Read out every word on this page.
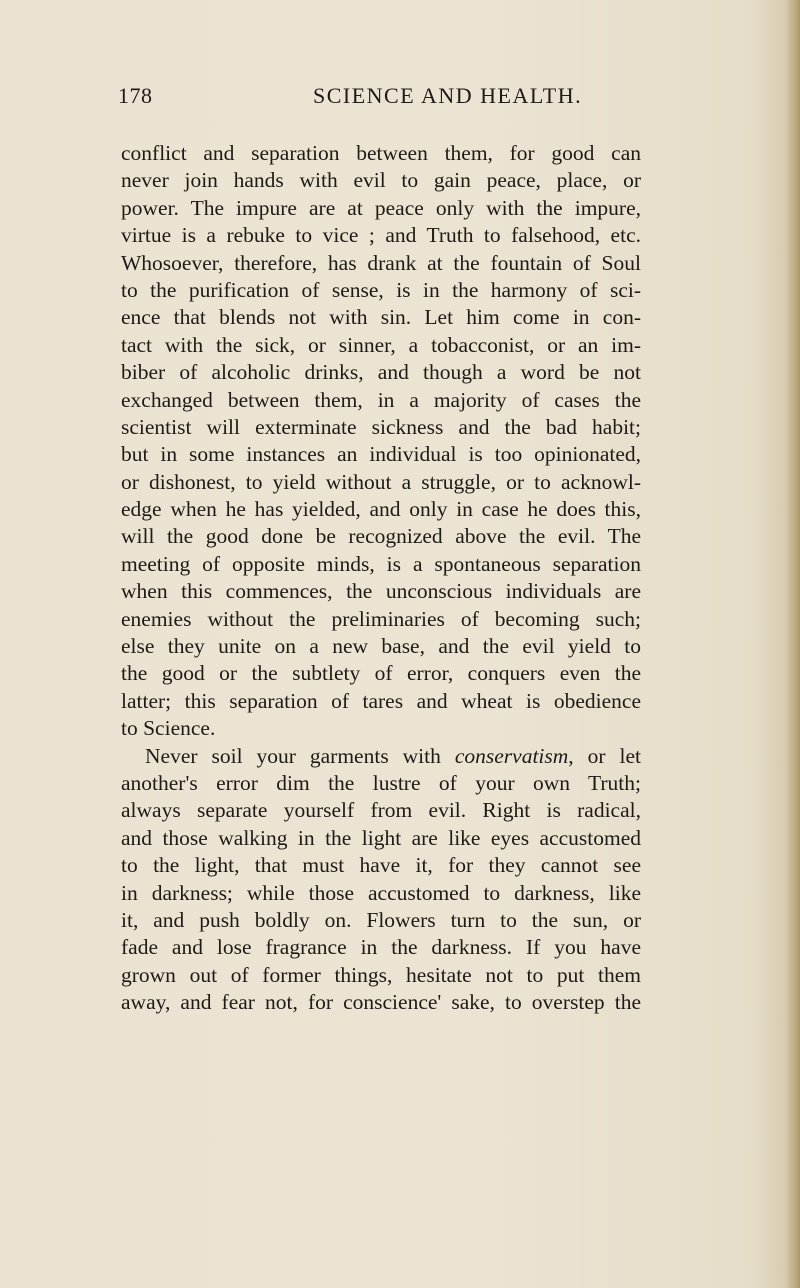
178	SCIENCE AND HEALTH.
conflict and separation between them, for good can
never join hands with evil to gain peace, place, or
power. The impure are at peace only with the impure,
virtue is a rebuke to vice ; and Truth to falsehood, etc.
Whosoever, therefore, has drank at the fountain of Soul
to the purification of sense, is in the harmony of sci-
ence that blends not with sin. Let him come in con-
tact with the sick, or sinner, a tobacconist, or an im-
biber of alcoholic drinks, and though a word be not
exchanged between them, in a majority of cases the
scientist will exterminate sickness and the bad habit;
but in some instances an individual is too opinionated,
or dishonest, to yield without a struggle, or to acknowl-
edge when he has yielded, and only in case he does this,
will the good done be recognized above the evil. The
meeting of opposite minds, is a spontaneous separation
when this commences, the unconscious individuals are
enemies without the preliminaries of becoming such;
else they unite on a new base, and the evil yield to
the good or the subtlety of error, conquers even the
latter; this separation of tares and wheat is obedience
to Science.
Never soil your garments with conservatism, or let
another's error dim the lustre of your own Truth;
always separate yourself from evil. Right is radical,
and those walking in the light are like eyes accustomed
to the light, that must have it, for they cannot see
in darkness; while those accustomed to darkness, like
it, and push boldly on. Flowers turn to the sun, or
fade and lose fragrance in the darkness. If you have
grown out of former things, hesitate not to put them
away, and fear not, for conscience' sake, to overstep the
